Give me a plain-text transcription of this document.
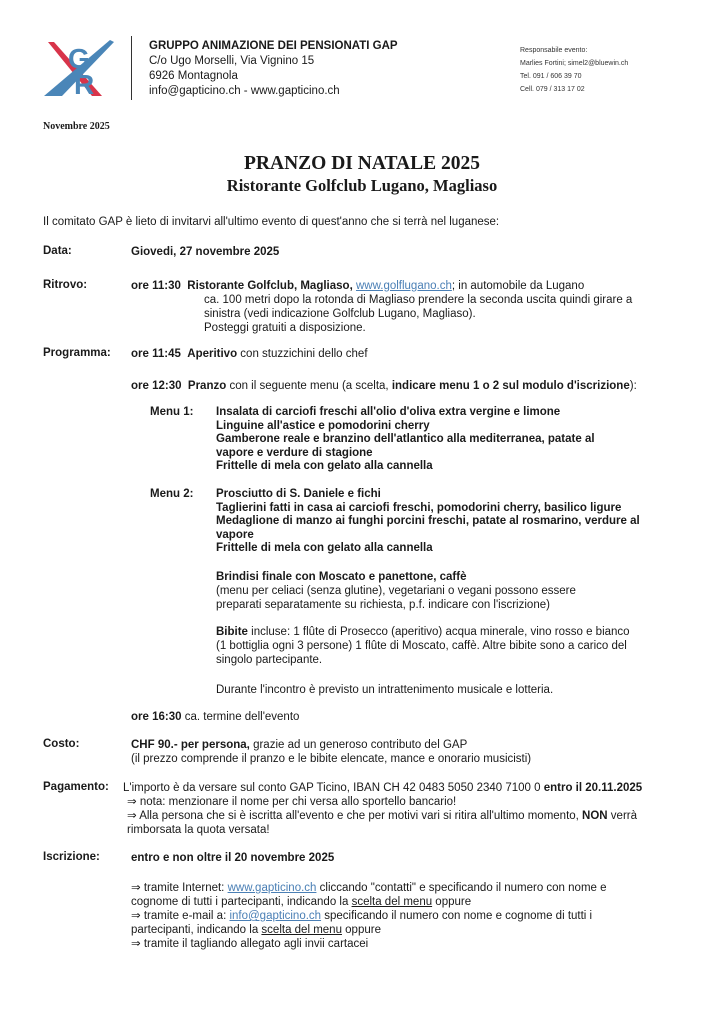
G
R
GRUPPO ANIMAZIONE DEI PENSIONATI GAP
C/o Ugo Morselli, Via Vignino 15
6926 Montagnola
info@gapticino.ch - www.gapticino.ch
Responsabile evento:
Marlies Fortini; simel2@bluewin.ch
Tel. 091 / 606 39 70
Cell. 079 / 313 17 02
Novembre 2025
PRANZO DI NATALE 2025
Ristorante Golfclub Lugano, Magliaso
Il comitato GAP è lieto di invitarvi all'ultimo evento di quest'anno che si terrà nel luganese:
Data:	Giovedi, 27 novembre 2025
Ritrovo:	ore 11:30 Ristorante Golfclub, Magliaso, www.golflugano.ch; in automobile da Lugano
ca. 100 metri dopo la rotonda di Magliaso prendere la seconda uscita quindi girare a
sinistra (vedi indicazione Golfclub Lugano, Magliaso).
Posteggi gratuiti a disposizione.
Programma: ore 11:45 Aperitivo con stuzzichini dello chef
ore 12:30 Pranzo con il seguente menu (a scelta, indicare menu 1 o 2 sul modulo d'iscrizione):
Menu 1: Insalata di carciofi freschi all'olio d'oliva extra vergine e limone
Linguine all'astice e pomodorini cherry
Gamberone reale e branzino dell'atlantico alla mediterranea, patate al
vapore e verdure di stagione
Frittelle di mela con gelato alla cannella
Menu 2: Prosciutto di S. Daniele e fichi
Taglierini fatti in casa ai carciofi freschi, pomodorini cherry, basilico ligure
Medaglione di manzo ai funghi porcini freschi, patate al rosmarino, verdure al
vapore
Frittelle di mela con gelato alla cannella
Brindisi finale con Moscato e panettone, caffè
(menu per celiaci (senza glutine), vegetariani o vegani possono essere
preparati separatamente su richiesta, p.f. indicare con l'iscrizione)
Bibite incluse: 1 flûte di Prosecco (aperitivo) acqua minerale, vino rosso e bianco
(1 bottiglia ogni 3 persone) 1 flûte di Moscato, caffè. Altre bibite sono a carico del
singolo partecipante.
Durante l'incontro è previsto un intrattenimento musicale e lotteria.
ore 16:30 ca. termine dell'evento
Costo:	CHF 90.- per persona, grazie ad un generoso contributo del GAP
(il prezzo comprende il pranzo e le bibite elencate, mance e onorario musicisti)
Pagamento: L'importo è da versare sul conto GAP Ticino, IBAN CH 42 0483 5050 2340 7100 0 entro il 20.11.2025
⇒ nota: menzionare il nome per chi versa allo sportello bancario!
⇒ Alla persona che si è iscritta all'evento e che per motivi vari si ritira all'ultimo momento, NON verrà
rimborsata la quota versata!
Iscrizione:	entro e non oltre il 20 novembre 2025
⇒ tramite Internet: www.gapticino.ch cliccando "contatti" e specificando il numero con nome e
cognome di tutti i partecipanti, indicando la scelta del menu oppure
⇒ tramite e-mail a: info@gapticino.ch specificando il numero con nome e cognome di tutti i
partecipanti, indicando la scelta del menu oppure
⇒ tramite il tagliando allegato agli invii cartacei
